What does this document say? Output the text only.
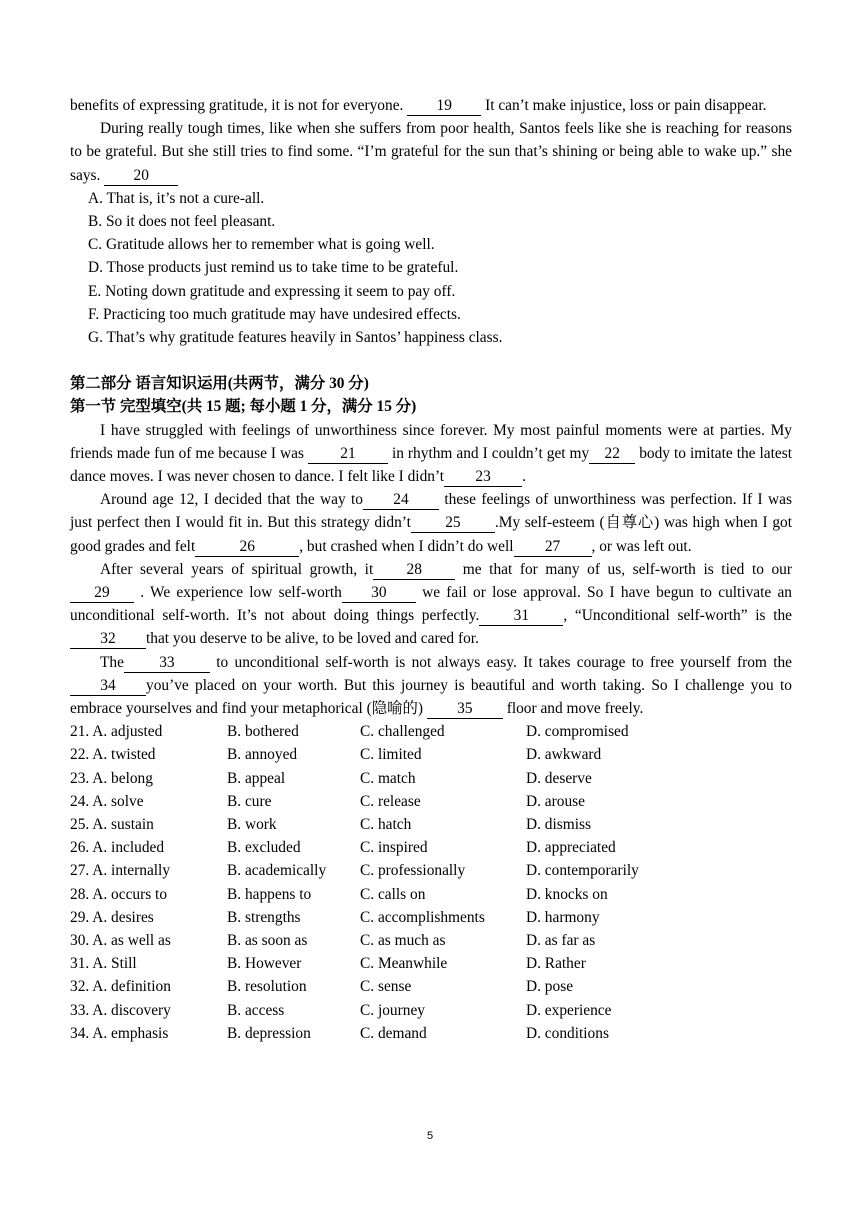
benefits of expressing gratitude, it is not for everyone. 19 It can’t make injustice, loss or pain disappear.

During really tough times, like when she suffers from poor health, Santos feels like she is reaching for reasons to be grateful. But she still tries to find some. “I’m grateful for the sun that’s shining or being able to wake up.” she says. 20

A. That is, it’s not a cure-all.

B. So it does not feel pleasant.

C. Gratitude allows her to remember what is going well.

D. Those products just remind us to take time to be grateful.

E. Noting down gratitude and expressing it seem to pay off.

F. Practicing too much gratitude may have undesired effects.

G. That’s why gratitude features heavily in Santos’ happiness class.

第二部分 语言知识运用(共两节，满分 30 分)

第一节 完型填空(共 15 题; 每小题 1 分，满分 15 分)

I have struggled with feelings of unworthiness since forever. My most painful moments were at parties. My friends made fun of me because I was 21 in rhythm and I couldn’t get my 22 body to imitate the latest dance moves. I was never chosen to dance. I felt like I didn’t 23 .

Around age 12, I decided that the way to 24 these feelings of unworthiness was perfection. If I was just perfect then I would fit in. But this strategy didn’t 25 .My self-esteem (自尊心) was high when I got good grades and felt	26	, but crashed when I didn’t do well 27 , or was left out.

After several years of spiritual growth, it 28 me that for many of us, self-worth is tied to our29 . We experience low self-worth 30 we fail or lose approval. So I have begun to cultivate an unconditional self-worth. It’s not about doing things perfectly. 31 , “Unconditional self-worth” is the32 that you deserve to be alive, to be loved and cared for.

The 33 to unconditional self-worth is not always easy. It takes courage to free yourself from the 34 you’ve placed on your worth. But this journey is beautiful and worth taking. So I challenge you to embrace yourselves and find your metaphorical (隐喻的) 35 floor and move freely.

21. A. adjusted	B. bothered	C. challenged	D. compromised
22. A. twisted	B. annoyed	C. limited	D. awkward
23. A. belong	B. appeal	C. match	D. deserve
24. A. solve	B. cure	C. release	D. arouse
25. A. sustain	B. work	C. hatch	D. dismiss
26. A. included	B. excluded	C. inspired	D. appreciated
27. A. internally	B. academically	C. professionally	D. contemporarily
28. A. occurs to	B. happens to	C. calls on	D. knocks on
29. A. desires	B. strengths	C. accomplishments	D. harmony
30. A. as well as	B. as soon as	C. as much as	D. as far as
31. A. Still	B. However	C. Meanwhile	D. Rather
32. A. definition	B. resolution	C. sense	D. pose
33. A. discovery	B. access	C. journey	D. experience
34. A. emphasis	B. depression	C. demand	D. conditions
5
